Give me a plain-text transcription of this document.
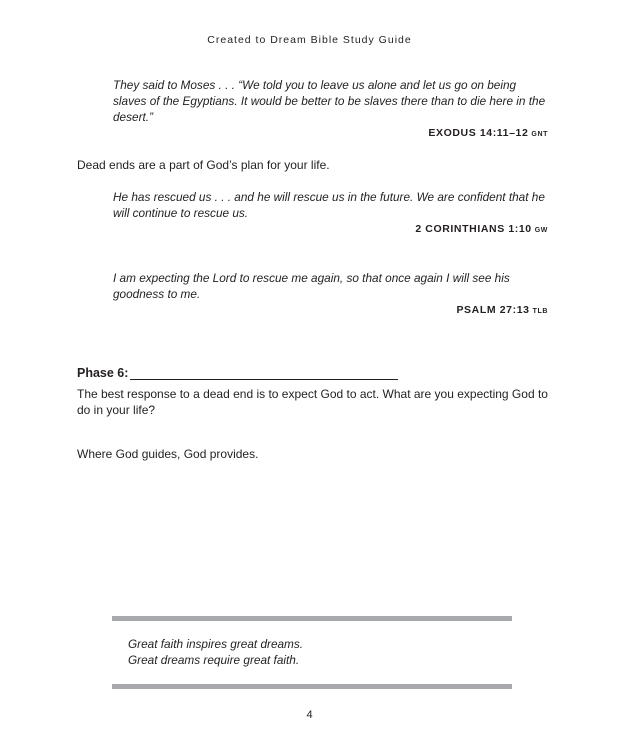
Created to Dream Bible Study Guide
They said to Moses . . . “We told you to leave us alone and let us go on being slaves of the Egyptians. It would be better to be slaves there than to die here in the desert.”
EXODUS 14:11–12 GNT
Dead ends are a part of God’s plan for your life.
He has rescued us . . . and he will rescue us in the future. We are confident that he will continue to rescue us.
2 CORINTHIANS 1:10 GW
I am expecting the Lord to rescue me again, so that once again I will see his goodness to me.
PSALM 27:13 TLB
Phase 6:
The best response to a dead end is to expect God to act. What are you expecting God to do in your life?
Where God guides, God provides.
Great faith inspires great dreams.
Great dreams require great faith.
4
